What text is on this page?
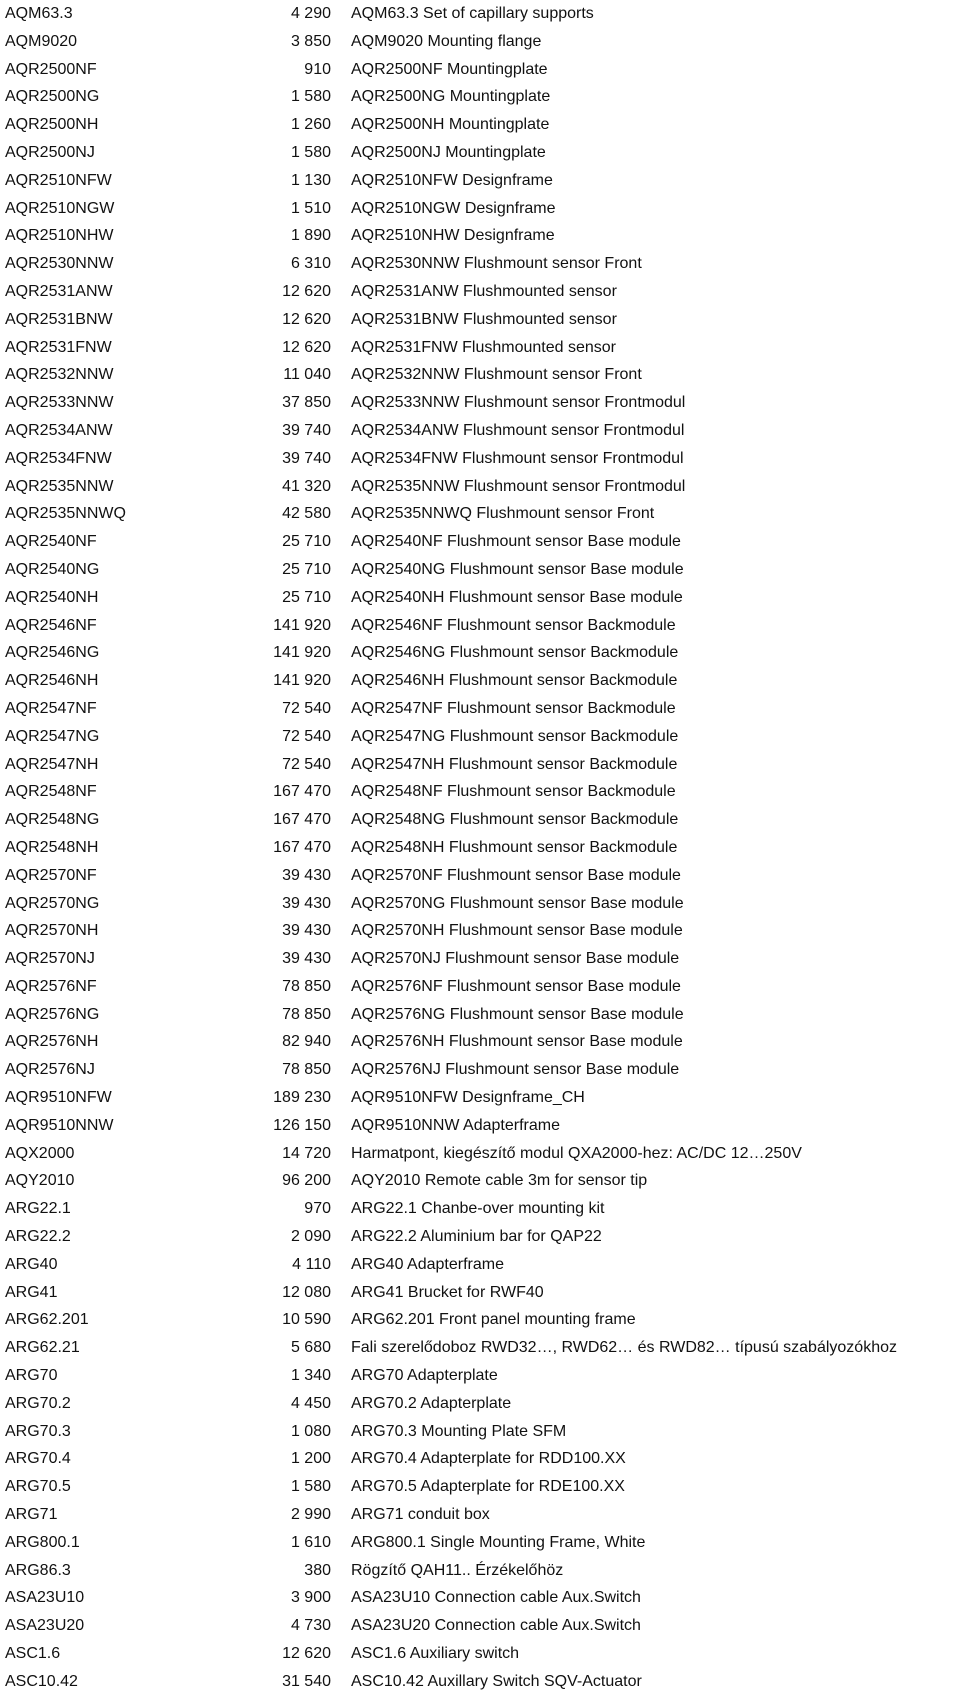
AQM63.3	4 290 AQM63.3 Set of capillary supports
AQM9020	3 850 AQM9020 Mounting flange
AQR2500NF	910 AQR2500NF Mountingplate
AQR2500NG	1 580 AQR2500NG Mountingplate
AQR2500NH	1 260 AQR2500NH Mountingplate
AQR2500NJ	1 580 AQR2500NJ Mountingplate
AQR2510NFW	1 130 AQR2510NFW Designframe
AQR2510NGW	1 510 AQR2510NGW Designframe
AQR2510NHW	1 890 AQR2510NHW Designframe
AQR2530NNW	6 310 AQR2530NNW Flushmount sensor Front
AQR2531ANW	12 620 AQR2531ANW Flushmounted sensor
AQR2531BNW	12 620 AQR2531BNW Flushmounted sensor
AQR2531FNW	12 620 AQR2531FNW Flushmounted sensor
AQR2532NNW	11 040 AQR2532NNW Flushmount sensor Front
AQR2533NNW	37 850 AQR2533NNW Flushmount sensor Frontmodul
AQR2534ANW	39 740 AQR2534ANW Flushmount sensor Frontmodul
AQR2534FNW	39 740 AQR2534FNW Flushmount sensor Frontmodul
AQR2535NNW	41 320 AQR2535NNW Flushmount sensor Frontmodul
AQR2535NNWQ	42 580 AQR2535NNWQ Flushmount sensor Front
AQR2540NF	25 710 AQR2540NF Flushmount sensor Base module
AQR2540NG	25 710 AQR2540NG Flushmount sensor Base module
AQR2540NH	25 710 AQR2540NH Flushmount sensor Base module
AQR2546NF	141 920 AQR2546NF Flushmount sensor Backmodule
AQR2546NG	141 920 AQR2546NG Flushmount sensor Backmodule
AQR2546NH	141 920 AQR2546NH Flushmount sensor Backmodule
AQR2547NF	72 540 AQR2547NF Flushmount sensor Backmodule
AQR2547NG	72 540 AQR2547NG Flushmount sensor Backmodule
AQR2547NH	72 540 AQR2547NH Flushmount sensor Backmodule
AQR2548NF	167 470 AQR2548NF Flushmount sensor Backmodule
AQR2548NG	167 470 AQR2548NG Flushmount sensor Backmodule
AQR2548NH	167 470 AQR2548NH Flushmount sensor Backmodule
AQR2570NF	39 430 AQR2570NF Flushmount sensor Base module
AQR2570NG	39 430 AQR2570NG Flushmount sensor Base module
AQR2570NH	39 430 AQR2570NH Flushmount sensor Base module
AQR2570NJ	39 430 AQR2570NJ Flushmount sensor Base module
AQR2576NF	78 850 AQR2576NF Flushmount sensor Base module
AQR2576NG	78 850 AQR2576NG Flushmount sensor Base module
AQR2576NH	82 940 AQR2576NH Flushmount sensor Base module
AQR2576NJ	78 850 AQR2576NJ Flushmount sensor Base module
AQR9510NFW	189 230 AQR9510NFW Designframe_CH
AQR9510NNW	126 150 AQR9510NNW Adapterframe
AQX2000	14 720 Harmatpont, kiegészítő modul QXA2000-hez: AC/DC 12…250V
AQY2010	96 200 AQY2010 Remote cable 3m for sensor tip
ARG22.1	970 ARG22.1 Chanbe-over mounting kit
ARG22.2	2 090 ARG22.2 Aluminium bar for QAP22
ARG40	4 110 ARG40 Adapterframe
ARG41	12 080 ARG41 Brucket for RWF40
ARG62.201	10 590 ARG62.201 Front panel mounting frame
ARG62.21	5 680 Fali szerelődoboz RWD32…, RWD62… és RWD82… típusú szabályozókhoz
ARG70	1 340 ARG70 Adapterplate
ARG70.2	4 450 ARG70.2 Adapterplate
ARG70.3	1 080 ARG70.3 Mounting Plate SFM
ARG70.4	1 200 ARG70.4 Adapterplate for RDD100.XX
ARG70.5	1 580 ARG70.5 Adapterplate for RDE100.XX
ARG71	2 990 ARG71 conduit box
ARG800.1	1 610 ARG800.1 Single Mounting Frame, White
ARG86.3	380 Rögzítő QAH11.. Érzékelőhöz
ASA23U10	3 900 ASA23U10 Connection cable Aux.Switch
ASA23U20	4 730 ASA23U20 Connection cable Aux.Switch
ASC1.6	12 620 ASC1.6 Auxiliary switch
ASC10.42	31 540 ASC10.42 Auxillary Switch SQV-Actuator
